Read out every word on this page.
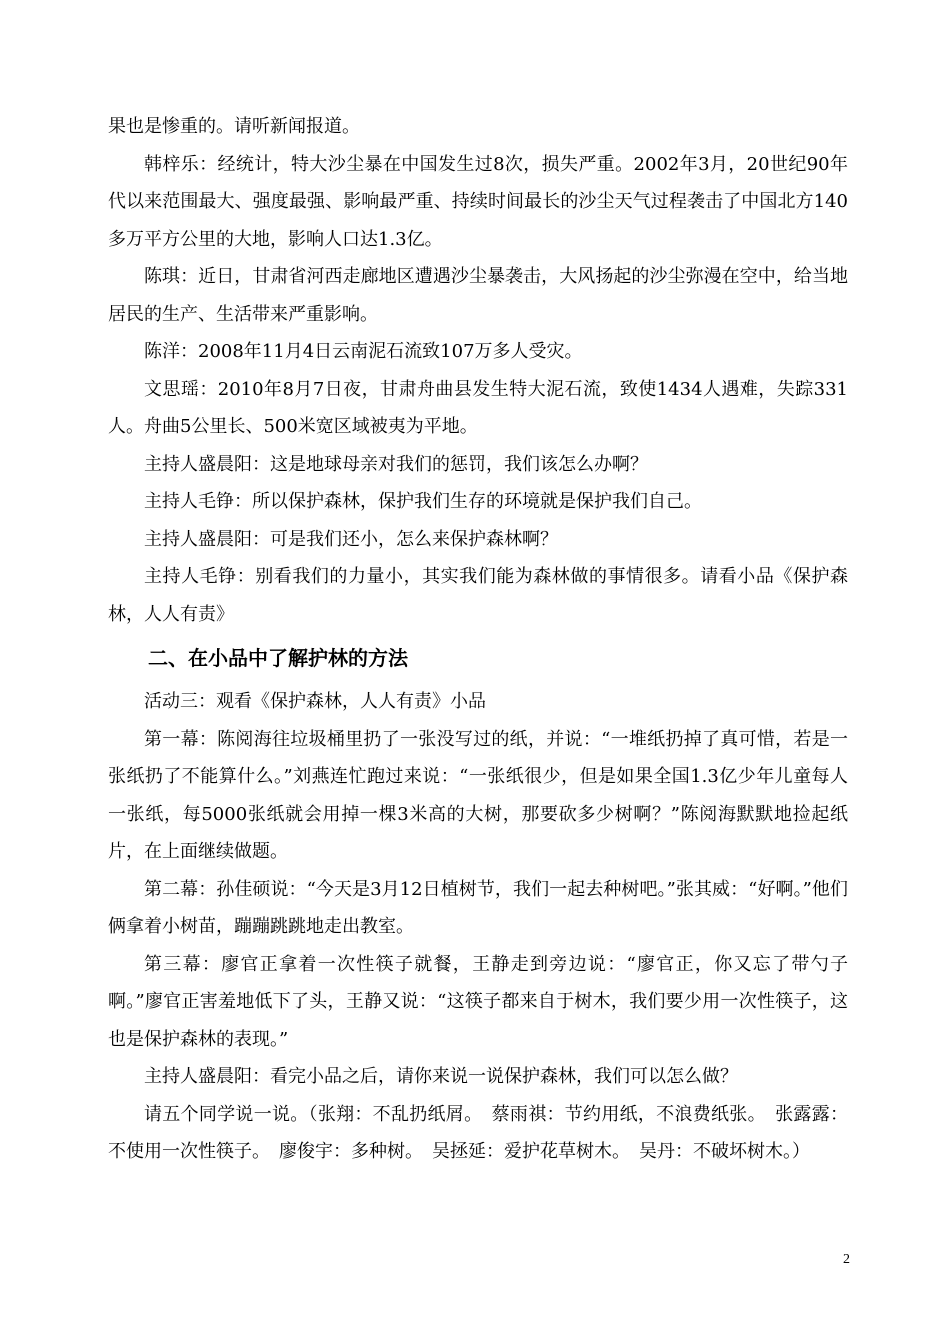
果也是惨重的。请听新闻报道。

韩梓乐：经统计，特大沙尘暴在中国发生过8次，损失严重。2002年3月，20世纪90年代以来范围最大、强度最强、影响最严重、持续时间最长的沙尘天气过程袭击了中国北方140多万平方公里的大地，影响人口达1.3亿。

陈琪：近日，甘肃省河西走廊地区遭遇沙尘暴袭击，大风扬起的沙尘弥漫在空中，给当地居民的生产、生活带来严重影响。

陈洋：2008年11月4日云南泥石流致107万多人受灾。

文思瑶：2010年8月7日夜，甘肃舟曲县发生特大泥石流，致使1434人遇难，失踪331人。舟曲5公里长、500米宽区域被夷为平地。

主持人盛晨阳：这是地球母亲对我们的惩罚，我们该怎么办啊？

主持人毛铮：所以保护森林，保护我们生存的环境就是保护我们自己。

主持人盛晨阳：可是我们还小，怎么来保护森林啊？

主持人毛铮：别看我们的力量小，其实我们能为森林做的事情很多。请看小品《保护森林，人人有责》

二、在小品中了解护林的方法

活动三：观看《保护森林，人人有责》小品

第一幕：陈阅海往垃圾桶里扔了一张没写过的纸，并说：“一堆纸扔掉了真可惜，若是一张纸扔了不能算什么。”刘燕连忙跑过来说：“一张纸很少，但是如果全国1.3亿少年儿童每人一张纸，每5000张纸就会用掉一棵3米高的大树，那要砍多少树啊？”陈阅海默默地捡起纸片，在上面继续做题。

第二幕：孙佳硕说：“今天是3月12日植树节，我们一起去种树吧。”张其威：“好啊。”他们俩拿着小树苗，蹦蹦跳跳地走出教室。

第三幕：廖官正拿着一次性筷子就餐，王静走到旁边说：“廖官正，你又忘了带勺子啊。”廖官正害羞地低下了头，王静又说：“这筷子都来自于树木，我们要少用一次性筷子，这也是保护森林的表现。”

主持人盛晨阳：看完小品之后，请你来说一说保护森林，我们可以怎么做？

请五个同学说一说。（张翔：不乱扔纸屑。　蔡雨祺：节约用纸，不浪费纸张。　张露露：不使用一次性筷子。　廖俊宇：多种树。　吴拯延：爱护花草树木。　吴丹：不破坏树木。）

2
